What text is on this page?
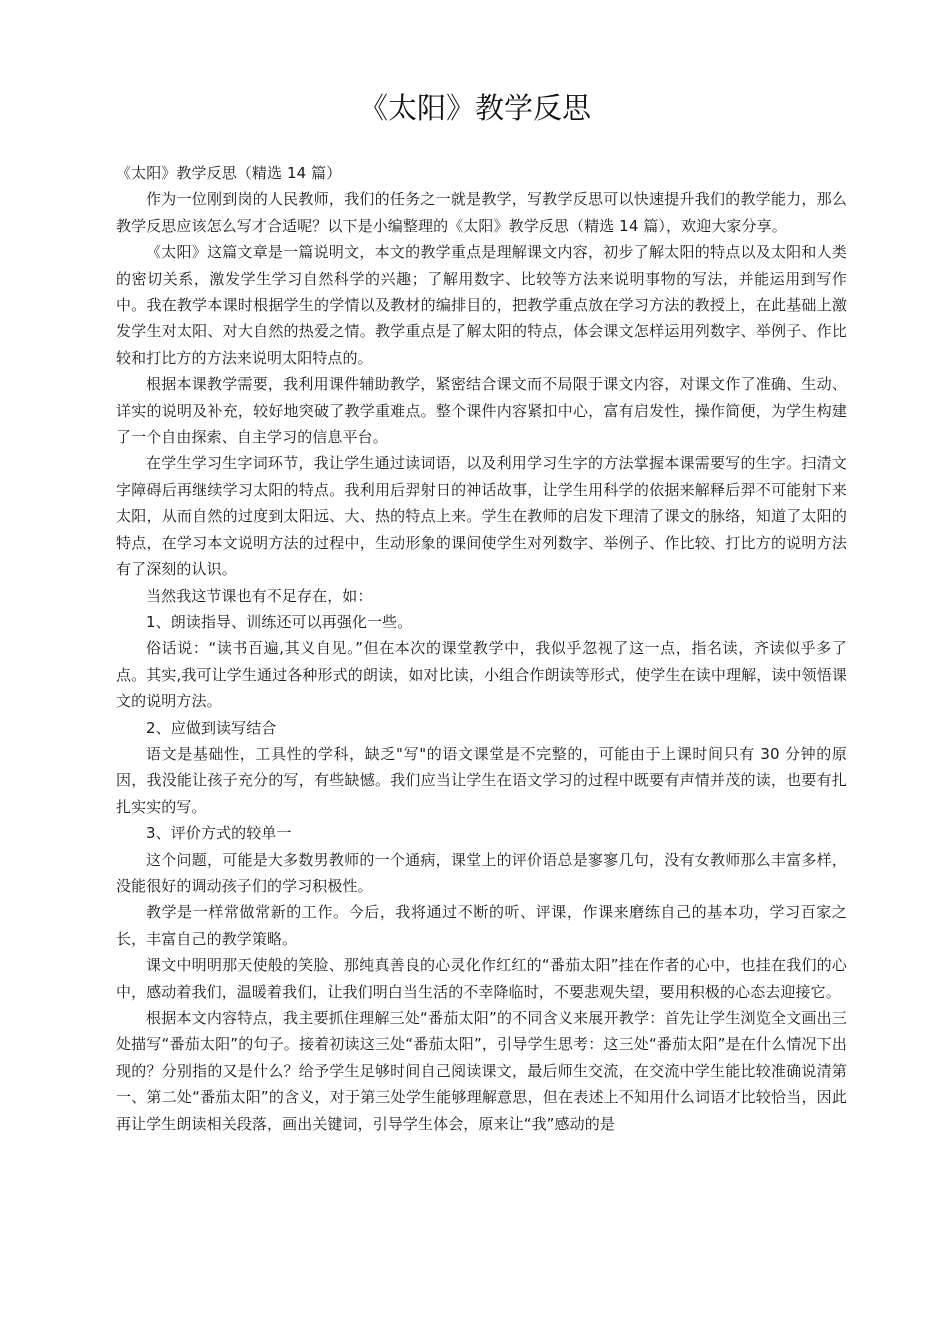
《太阳》教学反思

《太阳》教学反思（精选 14 篇）

作为一位刚到岗的人民教师，我们的任务之一就是教学，写教学反思可以快速提升我们的教学能力，那么教学反思应该怎么写才合适呢？以下是小编整理的《太阳》教学反思（精选 14 篇），欢迎大家分享。

《太阳》这篇文章是一篇说明文，本文的教学重点是理解课文内容，初步了解太阳的特点以及太阳和人类的密切关系，激发学生学习自然科学的兴趣；了解用数字、比较等方法来说明事物的写法，并能运用到写作中。我在教学本课时根据学生的学情以及教材的编排目的，把教学重点放在学习方法的教授上，在此基础上激发学生对太阳、对大自然的热爱之情。教学重点是了解太阳的特点，体会课文怎样运用列数字、举例子、作比较和打比方的方法来说明太阳特点的。

根据本课教学需要，我利用课件辅助教学，紧密结合课文而不局限于课文内容，对课文作了准确、生动、详实的说明及补充，较好地突破了教学重难点。整个课件内容紧扣中心，富有启发性，操作简便，为学生构建了一个自由探索、自主学习的信息平台。

在学生学习生字词环节，我让学生通过读词语，以及利用学习生字的方法掌握本课需要写的生字。扫清文字障碍后再继续学习太阳的特点。我利用后羿射日的神话故事，让学生用科学的依据来解释后羿不可能射下来太阳，从而自然的过度到太阳远、大、热的特点上来。学生在教师的启发下理清了课文的脉络，知道了太阳的特点，在学习本文说明方法的过程中，生动形象的课间使学生对列数字、举例子、作比较、打比方的说明方法有了深刻的认识。

当然我这节课也有不足存在，如：

1、朗读指导、训练还可以再强化一些。

俗话说：“读书百遍,其义自见。”但在本次的课堂教学中，我似乎忽视了这一点，指名读，齐读似乎多了点。其实,我可让学生通过各种形式的朗读，如对比读，小组合作朗读等形式，使学生在读中理解，读中领悟课文的说明方法。

2、应做到读写结合

语文是基础性，工具性的学科，缺乏"写"的语文课堂是不完整的，可能由于上课时间只有 30 分钟的原因，我没能让孩子充分的写，有些缺憾。我们应当让学生在语文学习的过程中既要有声情并茂的读，也要有扎扎实实的写。

3、评价方式的较单一

这个问题，可能是大多数男教师的一个通病，课堂上的评价语总是寥寥几句，没有女教师那么丰富多样，没能很好的调动孩子们的学习积极性。

教学是一样常做常新的工作。今后，我将通过不断的听、评课，作课来磨练自己的基本功，学习百家之长，丰富自己的教学策略。

课文中明明那天使般的笑脸、那纯真善良的心灵化作红红的“番茄太阳”挂在作者的心中，也挂在我们的心中，感动着我们，温暖着我们，让我们明白当生活的不幸降临时，不要悲观失望，要用积极的心态去迎接它。

根据本文内容特点，我主要抓住理解三处“番茄太阳”的不同含义来展开教学：首先让学生浏览全文画出三处描写“番茄太阳”的句子。接着初读这三处“番茄太阳”，引导学生思考：这三处“番茄太阳”是在什么情况下出现的？分别指的又是什么？给予学生足够时间自己阅读课文，最后师生交流，在交流中学生能比较准确说清第一、第二处“番茄太阳”的含义，对于第三处学生能够理解意思，但在表述上不知用什么词语才比较恰当，因此再让学生朗读相关段落，画出关键词，引导学生体会，原来让“我”感动的是
